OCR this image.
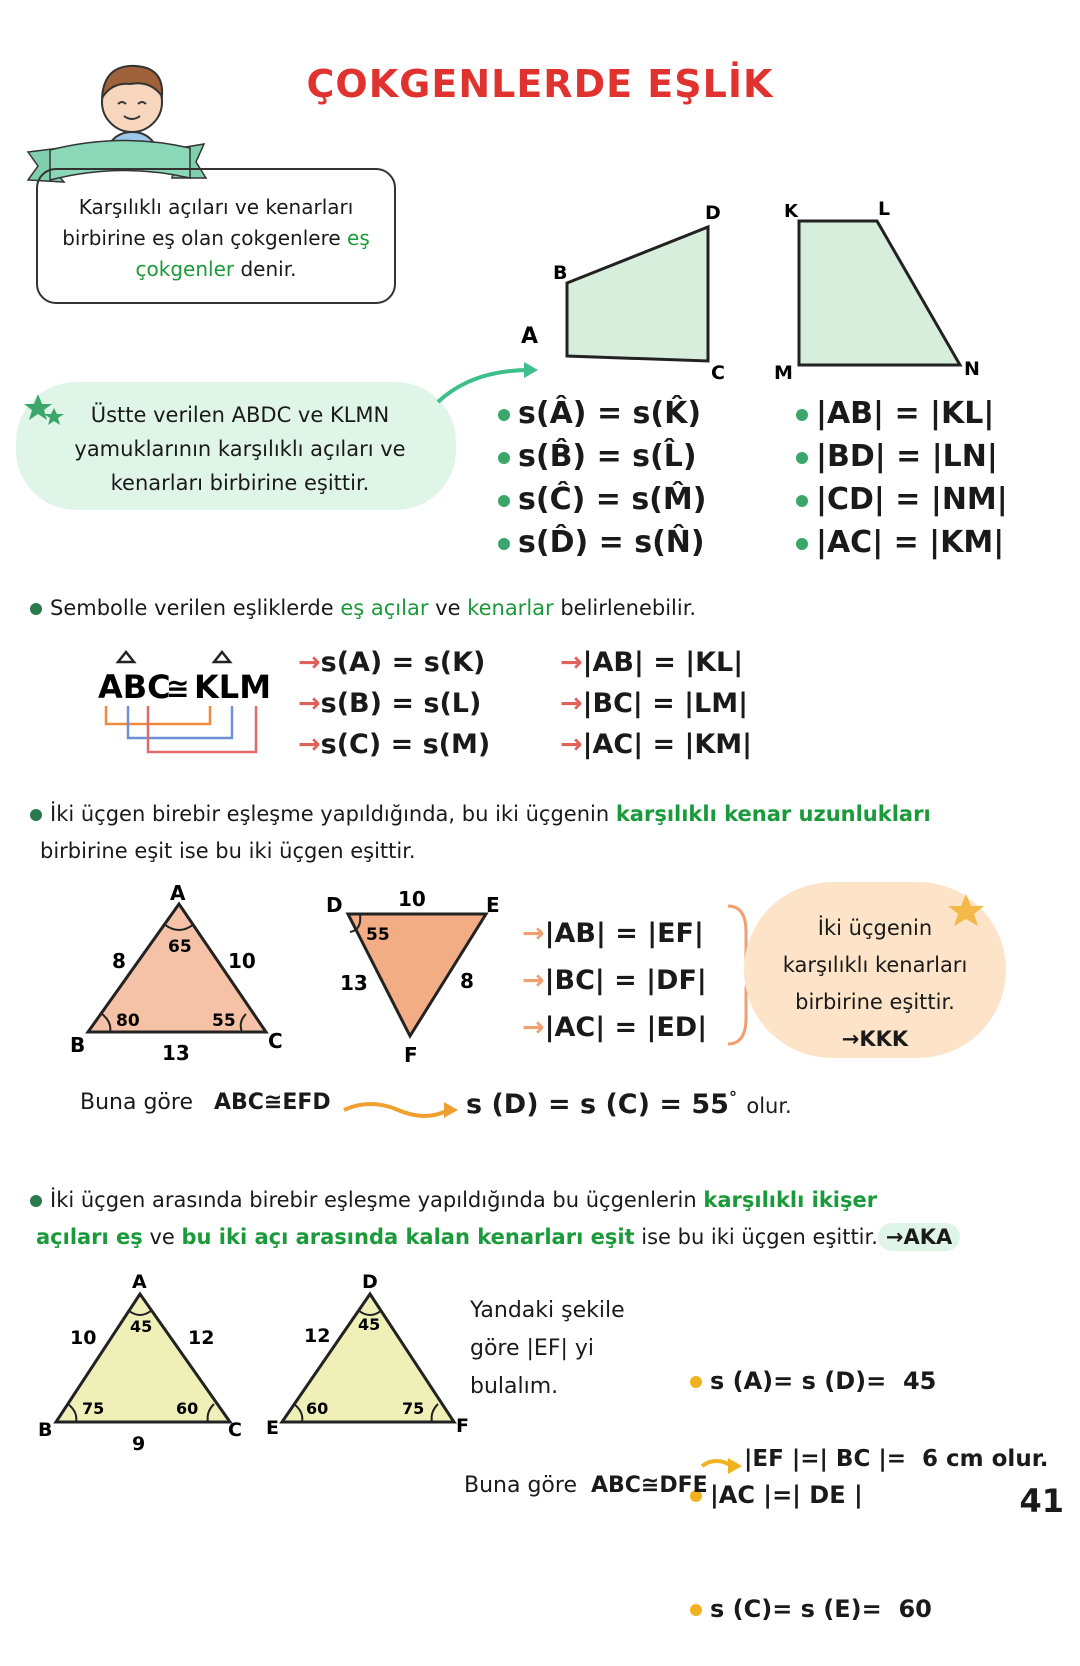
ÇOKGENLERDE EŞLİK
Karşılıklı açıları ve kenarları
birbirine eş olan çokgenlere eş
çokgenler denir.	B
D
A
C
K	L
M	N
Üstte verilen ABDC ve KLMN
yamuklarının karşılıklı açıları ve
kenarları birbirine eşittir.
s(Â) = s(K̂)
s(B̂) = s(L̂)
s(Ĉ) = s(M̂)
s(D̂) = s(N̂)
|AB| = |KL|
|BD| = |LN|
|CD| = |NM|
|AC| = |KM|
Sembolle verilen eşliklerde eş açılar ve kenarlar belirlenebilir.
ABC
≅ KLM
→s(A) = s(K)
→s(B) = s(L)
→s(C) = s(M)
→|AB| = |KL|
→|BC| = |LM|
→|AC| = |KM|
İki üçgen birebir eşleşme yapıldığında, bu iki üçgenin karşılıklı kenar uzunlukları
birbirine eşit ise bu iki üçgen eşittir.
A
B	C
8	10
13
65
80	55
D	E
F
10
13	8
55	→|AB| = |EF|
→|BC| = |DF|
→|AC| = |ED|
İki üçgenin
karşılıklı kenarları
birbirine eşittir.
→KKK
Buna göre ABC≅EFD	s (D) = s (C) = 55° olur.
İki üçgen arasında birebir eşleşme yapıldığında bu üçgenlerin karşılıklı ikişer
açıları eş ve bu iki açı arasında kalan kenarları eşit ise bu iki üçgen eşittir. →AKA
A
B	C
10	12
9
45
75	60
D
E	F
12
45
60	75
Yandaki şekile
göre |EF| yi
bulalım.

	s (A)= s (D)=  45

|AC |=| DE |

s (C)= s (E)=  60

Buna göre ABC≅DFE

|EF |=| BC |=  6 cm olur.
41
